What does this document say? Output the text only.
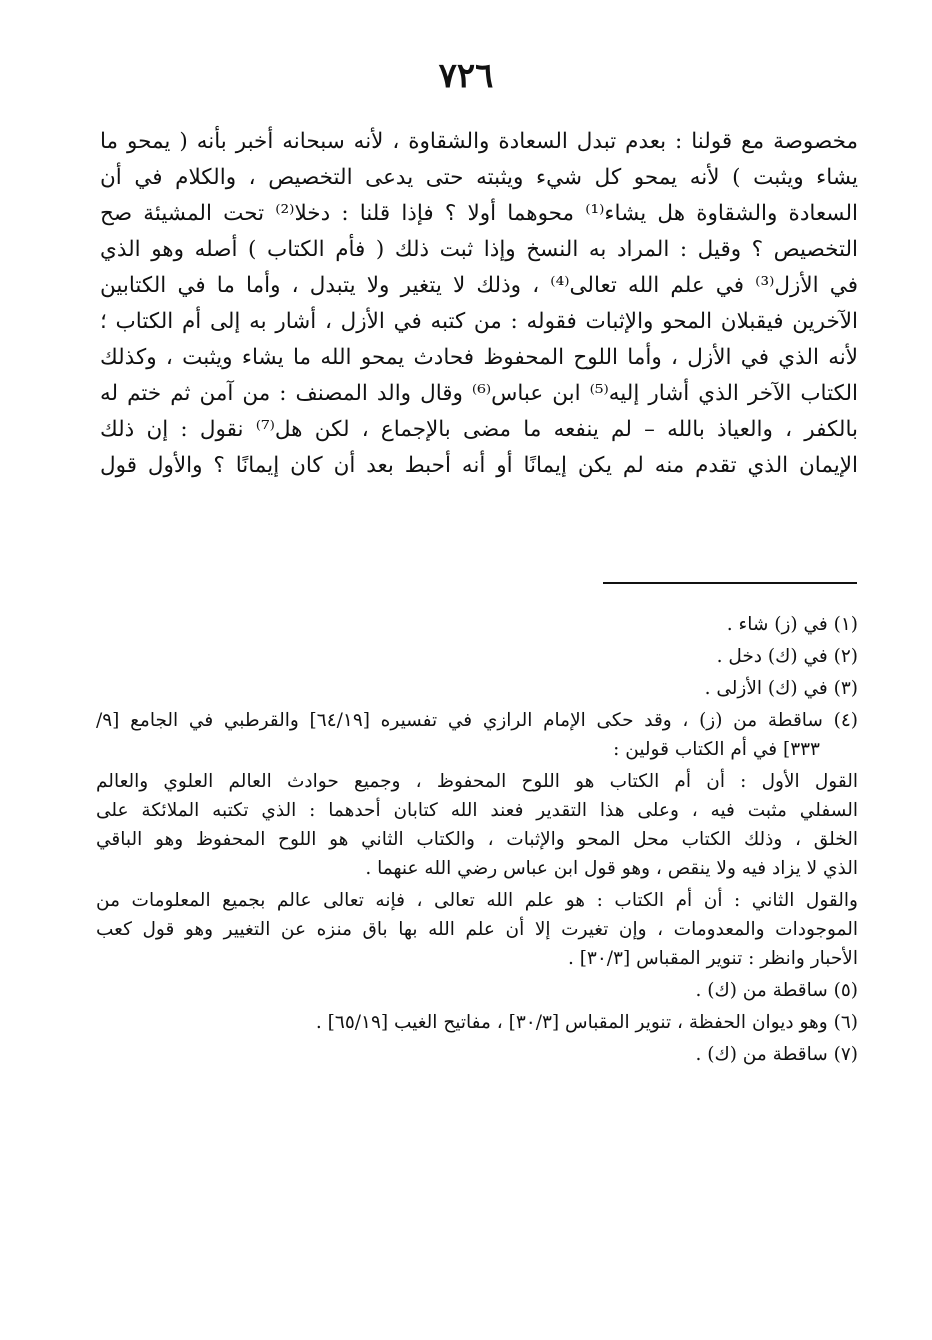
٧٢٦
مخصوصة مع قولنا : بعدم تبدل السعادة والشقاوة ، لأنه سبحانه أخبر بأنه ( يمحو ما
يشاء ويثبت ) لأنه يمحو كل شيء ويثبته حتى يدعى التخصيص ، والكلام في أن
السعادة والشقاوة هل يشاء⁽¹⁾ محوهما أولا ؟ فإذا قلنا : دخلا⁽²⁾ تحت المشيئة صح
التخصيص ؟ وقيل : المراد به النسخ وإذا ثبت ذلك ( فأم الكتاب ) أصله وهو الذي
في الأزل⁽³⁾ في علم الله تعالى⁽⁴⁾ ، وذلك لا يتغير ولا يتبدل ، وأما ما في الكتابين
الآخرين فيقبلان المحو والإثبات فقوله : من كتبه في الأزل ، أشار به إلى أم الكتاب ؛
لأنه الذي في الأزل ، وأما اللوح المحفوظ فحادث يمحو الله ما يشاء ويثبت ، وكذلك
الكتاب الآخر الذي أشار إليه⁽⁵⁾ ابن عباس⁽⁶⁾ وقال والد المصنف : من آمن ثم ختم له
بالكفر ، والعياذ بالله – لم ينفعه ما مضى بالإجماع ، لكن هل⁽⁷⁾ نقول : إن ذلك
الإيمان الذي تقدم منه لم يكن إيمانًا أو أنه أحبط بعد أن كان إيمانًا ؟ والأول قول
(١) في (ز) شاء .
(٢) في (ك) دخل .
(٣) في (ك) الأزلى .
(٤) ساقطة من (ز) ، وقد حكى الإمام الرازي في تفسيره [٦٤/١٩] والقرطبي في الجامع [٩/
٣٣٣] في أم الكتاب قولين :
القول الأول : أن أم الكتاب هو اللوح المحفوظ ، وجميع حوادث العالم العلوي والعالم
السفلي مثبت فيه ، وعلى هذا التقدير فعند الله كتابان أحدهما : الذي تكتبه الملائكة على
الخلق ، وذلك الكتاب محل المحو والإثبات ، والكتاب الثاني هو اللوح المحفوظ وهو الباقي
الذي لا يزاد فيه ولا ينقص ، وهو قول ابن عباس رضي الله عنهما .
والقول الثاني : أن أم الكتاب : هو علم الله تعالى ، فإنه تعالى عالم بجميع المعلومات من
الموجودات والمعدومات ، وإن تغيرت إلا أن علم الله بها باق منزه عن التغيير وهو قول كعب
الأحبار وانظر : تنوير المقباس [٣٠/٣] .
(٥) ساقطة من (ك) .
(٦) وهو ديوان الحفظة ، تنوير المقباس [٣٠/٣] ، مفاتيح الغيب [٦٥/١٩] .
(٧) ساقطة من (ك) .
